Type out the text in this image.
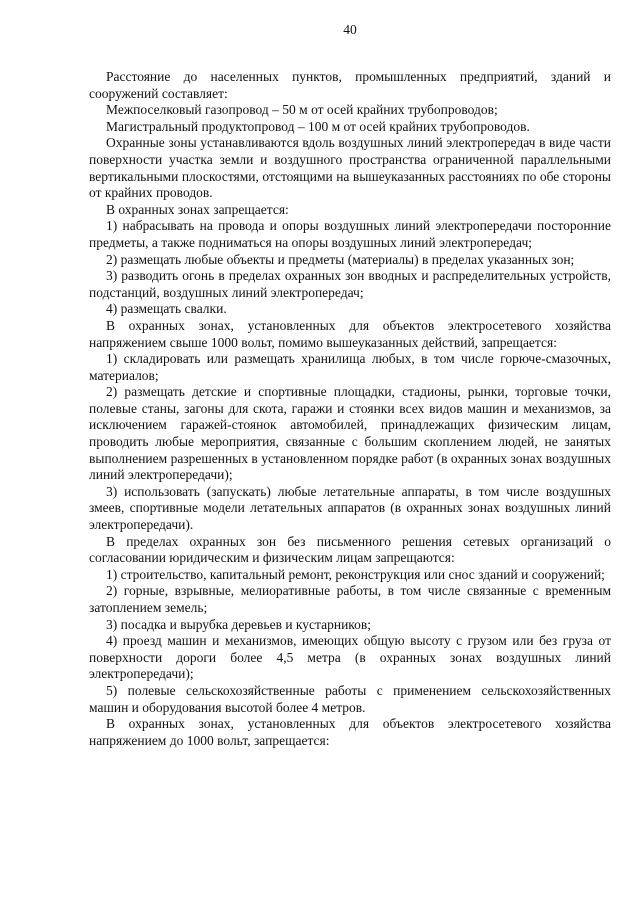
40

Расстояние до населенных пунктов, промышленных предприятий, зданий и сооружений составляет:

Межпоселковый газопровод – 50 м от осей крайних трубопроводов;

Магистральный продуктопровод – 100 м от осей крайних трубопроводов.

Охранные зоны устанавливаются вдоль воздушных линий электропередач в виде части поверхности участка земли и воздушного пространства ограниченной параллельными вертикальными плоскостями, отстоящими на вышеуказанных расстояниях по обе стороны от крайних проводов.

В охранных зонах запрещается:

1) набрасывать на провода и опоры воздушных линий электропередачи посторонние предметы, а также подниматься на опоры воздушных линий электропередач;

2) размещать любые объекты и предметы (материалы) в пределах указанных зон;

3) разводить огонь в пределах охранных зон вводных и распределительных устройств, подстанций, воздушных линий электропередач;

4) размещать свалки.

В охранных зонах, установленных для объектов электросетевого хозяйства напряжением свыше 1000 вольт, помимо вышеуказанных действий, запрещается:

1) складировать или размещать хранилища любых, в том числе горюче-смазочных, материалов;

2) размещать детские и спортивные площадки, стадионы, рынки, торговые точки, полевые станы, загоны для скота, гаражи и стоянки всех видов машин и механизмов, за исключением гаражей-стоянок автомобилей, принадлежащих физическим лицам, проводить любые мероприятия, связанные с большим скоплением людей, не занятых выполнением разрешенных в установленном порядке работ (в охранных зонах воздушных линий электропередачи);

3) использовать (запускать) любые летательные аппараты, в том числе воздушных змеев, спортивные модели летательных аппаратов (в охранных зонах воздушных линий электропередачи).

В пределах охранных зон без письменного решения сетевых организаций о согласовании юридическим и физическим лицам запрещаются:

1) строительство, капитальный ремонт, реконструкция или снос зданий и сооружений;

2) горные, взрывные, мелиоративные работы, в том числе связанные с временным затоплением земель;

3) посадка и вырубка деревьев и кустарников;

4) проезд машин и механизмов, имеющих общую высоту с грузом или без груза от поверхности дороги более 4,5 метра (в охранных зонах воздушных линий электропередачи);

5) полевые сельскохозяйственные работы с применением сельскохозяйственных машин и оборудования высотой более 4 метров.

В охранных зонах, установленных для объектов электросетевого хозяйства напряжением до 1000 вольт, запрещается:
